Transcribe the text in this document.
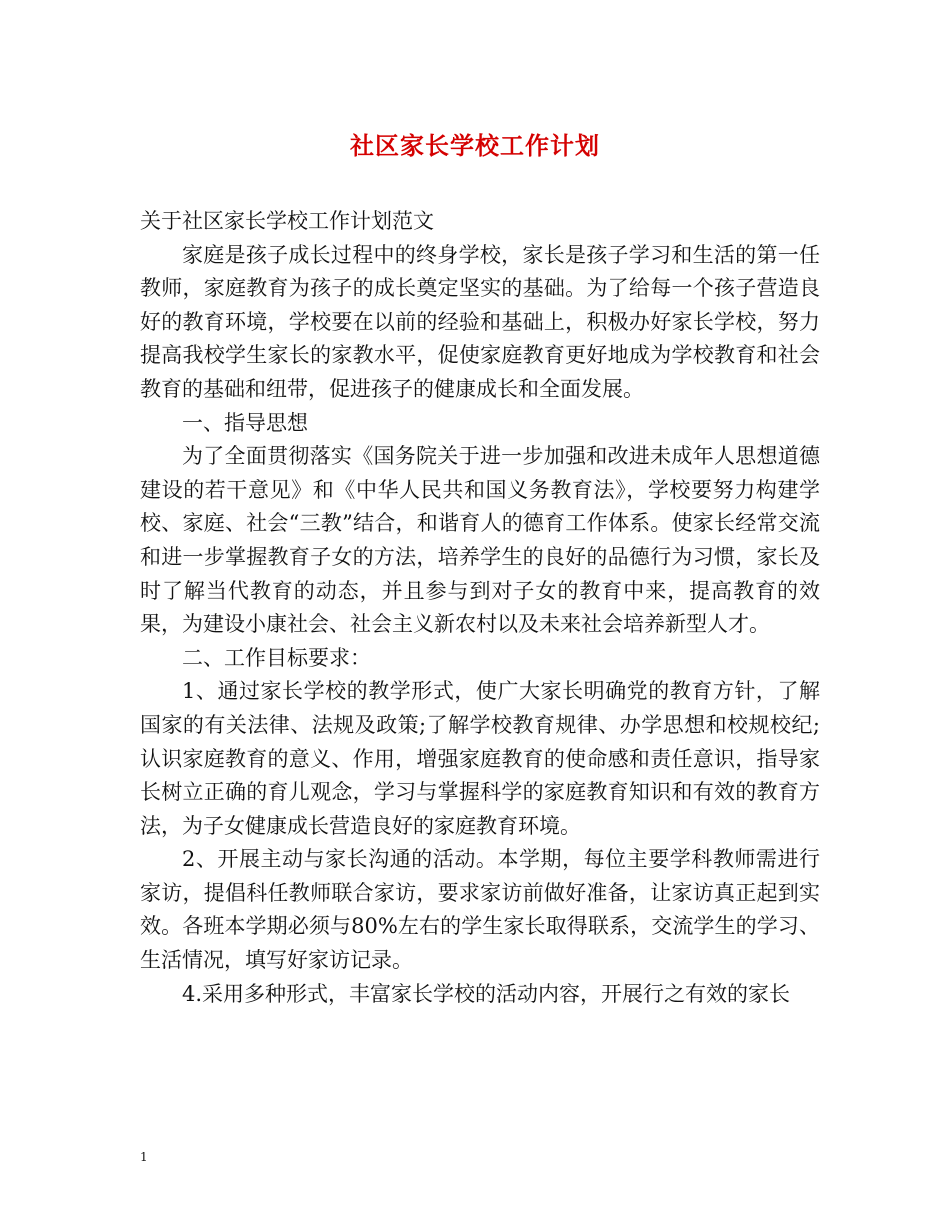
社区家长学校工作计划

关于社区家长学校工作计划范文

家庭是孩子成长过程中的终身学校，家长是孩子学习和生活的第一任教师，家庭教育为孩子的成长奠定坚实的基础。为了给每一个孩子营造良好的教育环境，学校要在以前的经验和基础上，积极办好家长学校，努力提高我校学生家长的家教水平，促使家庭教育更好地成为学校教育和社会教育的基础和纽带，促进孩子的健康成长和全面发展。

一、指导思想

为了全面贯彻落实《国务院关于进一步加强和改进未成年人思想道德建设的若干意见》和《中华人民共和国义务教育法》，学校要努力构建学校、家庭、社会“三教”结合，和谐育人的德育工作体系。使家长经常交流和进一步掌握教育子女的方法，培养学生的良好的品德行为习惯，家长及时了解当代教育的动态，并且参与到对子女的教育中来，提高教育的效果，为建设小康社会、社会主义新农村以及未来社会培养新型人才。

二、工作目标要求：

1、通过家长学校的教学形式，使广大家长明确党的教育方针，了解国家的有关法律、法规及政策;了解学校教育规律、办学思想和校规校纪;认识家庭教育的意义、作用，增强家庭教育的使命感和责任意识，指导家长树立正确的育儿观念，学习与掌握科学的家庭教育知识和有效的教育方法，为子女健康成长营造良好的家庭教育环境。

2、开展主动与家长沟通的活动。本学期，每位主要学科教师需进行家访，提倡科任教师联合家访，要求家访前做好准备，让家访真正起到实效。各班本学期必须与80%左右的学生家长取得联系，交流学生的学习、生活情况，填写好家访记录。

4.采用多种形式，丰富家长学校的活动内容，开展行之有效的家长

1
